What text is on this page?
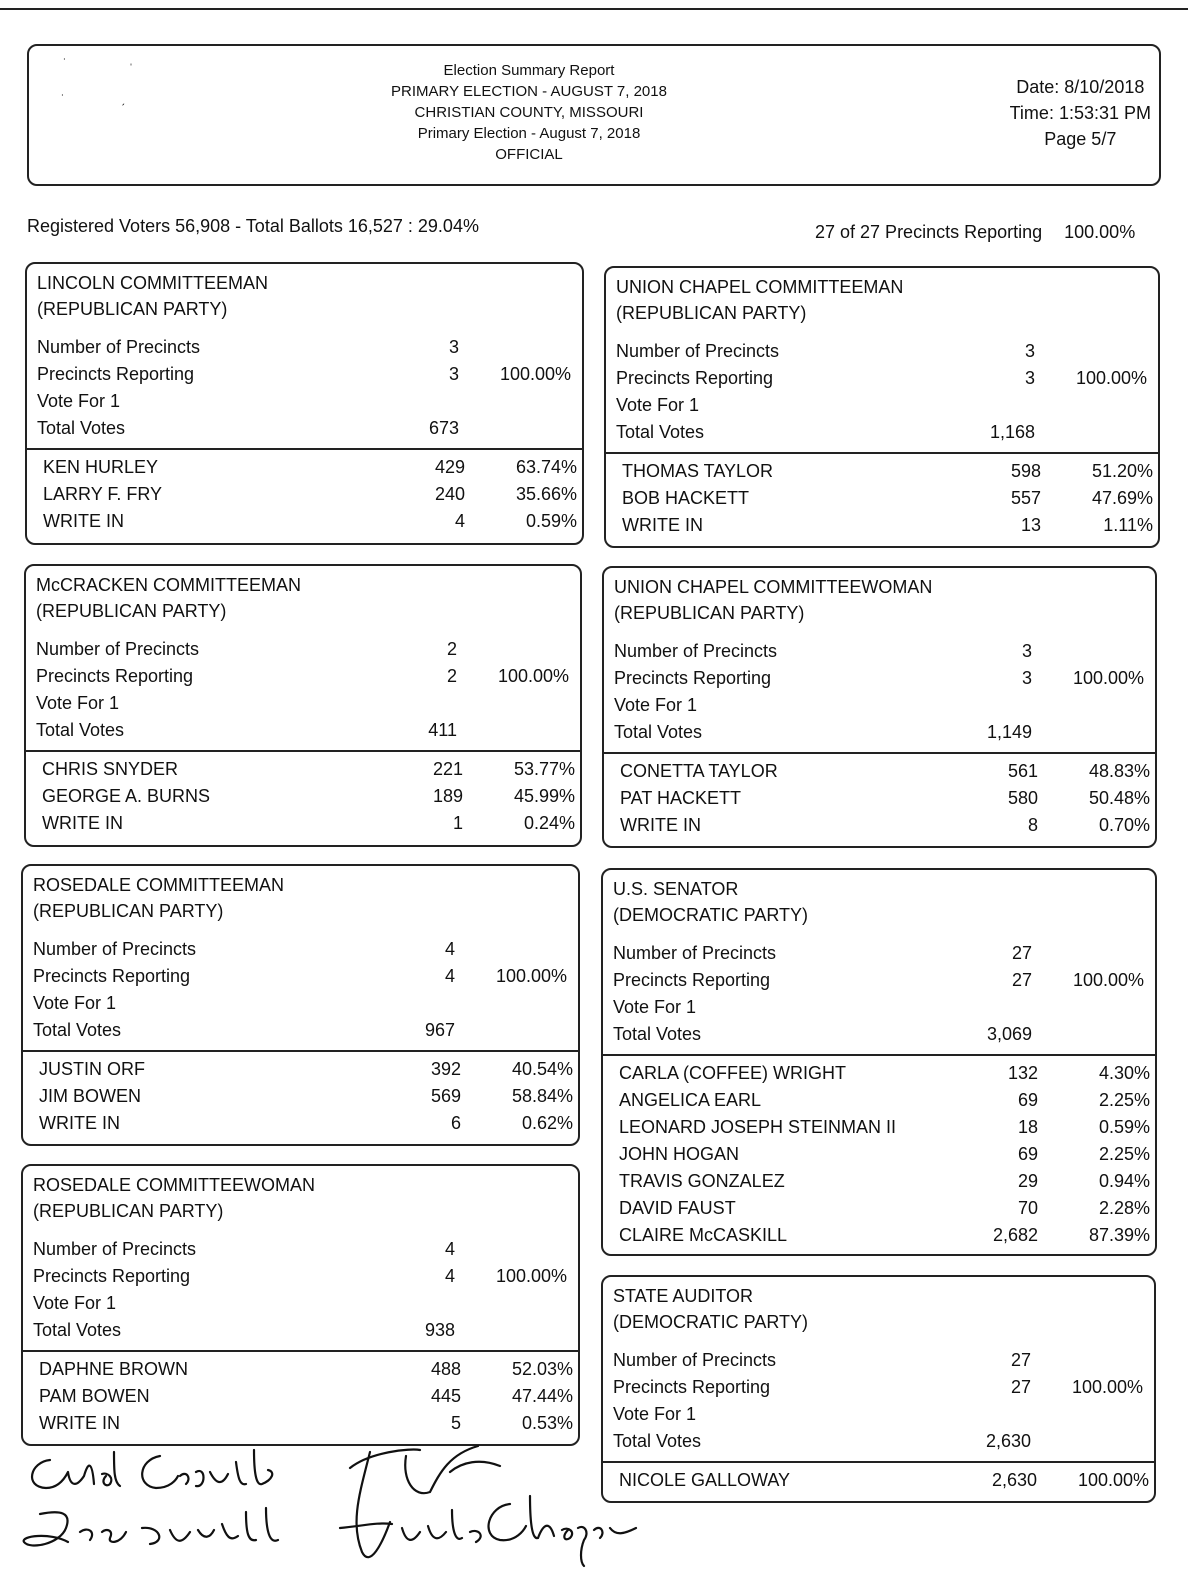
˙	ˌ
˙	ˏ
Election Summary Report
PRIMARY ELECTION - AUGUST 7, 2018
CHRISTIAN COUNTY, MISSOURI
Primary Election - August 7, 2018
OFFICIAL
Date: 8/10/2018
Time: 1:53:31 PM
Page 5/7
Registered Voters 56,908 - Total Ballots 16,527 : 29.04%	27 of 27 Precincts Reporting 100.00%
LINCOLN COMMITTEEMAN
(REPUBLICAN PARTY)
Number of Precincts	3
Precincts Reporting	3 100.00%
Vote For 1
Total Votes	673
KEN HURLEY	429	63.74%
LARRY F. FRY	240	35.66%
WRITE IN	4	0.59%
McCRACKEN COMMITTEEMAN
(REPUBLICAN PARTY)
Number of Precincts	2
Precincts Reporting	2 100.00%
Vote For 1
Total Votes	411
CHRIS SNYDER	221	53.77%
GEORGE A. BURNS	189	45.99%
WRITE IN	1	0.24%
ROSEDALE COMMITTEEMAN
(REPUBLICAN PARTY)
Number of Precincts	4
Precincts Reporting	4 100.00%
Vote For 1
Total Votes	967
JUSTIN ORF	392	40.54%
JIM BOWEN	569	58.84%
WRITE IN	6	0.62%
ROSEDALE COMMITTEEWOMAN
(REPUBLICAN PARTY)
Number of Precincts	4
Precincts Reporting	4 100.00%
Vote For 1
Total Votes	938
DAPHNE BROWN	488	52.03%
PAM BOWEN	445	47.44%
WRITE IN	5	0.53%
UNION CHAPEL COMMITTEEMAN
(REPUBLICAN PARTY)
Number of Precincts	3
Precincts Reporting	3 100.00%
Vote For 1
Total Votes	1,168
THOMAS TAYLOR	598	51.20%
BOB HACKETT	557	47.69%
WRITE IN	13	1.11%
UNION CHAPEL COMMITTEEWOMAN
(REPUBLICAN PARTY)
Number of Precincts	3
Precincts Reporting	3 100.00%
Vote For 1
Total Votes	1,149
CONETTA TAYLOR	561	48.83%
PAT HACKETT	580	50.48%
WRITE IN	8	0.70%
U.S. SENATOR
(DEMOCRATIC PARTY)
Number of Precincts	27
Precincts Reporting	27 100.00%
Vote For 1
Total Votes	3,069
CARLA (COFFEE) WRIGHT	132	4.30%
ANGELICA EARL	69	2.25%
LEONARD JOSEPH STEINMAN II	18	0.59%
JOHN HOGAN	69	2.25%
TRAVIS GONZALEZ	29	0.94%
DAVID FAUST	70	2.28%
CLAIRE McCASKILL	2,682	87.39%
STATE AUDITOR
(DEMOCRATIC PARTY)
Number of Precincts	27
Precincts Reporting	27 100.00%
Vote For 1
Total Votes	2,630
NICOLE GALLOWAY	2,630 100.00%
